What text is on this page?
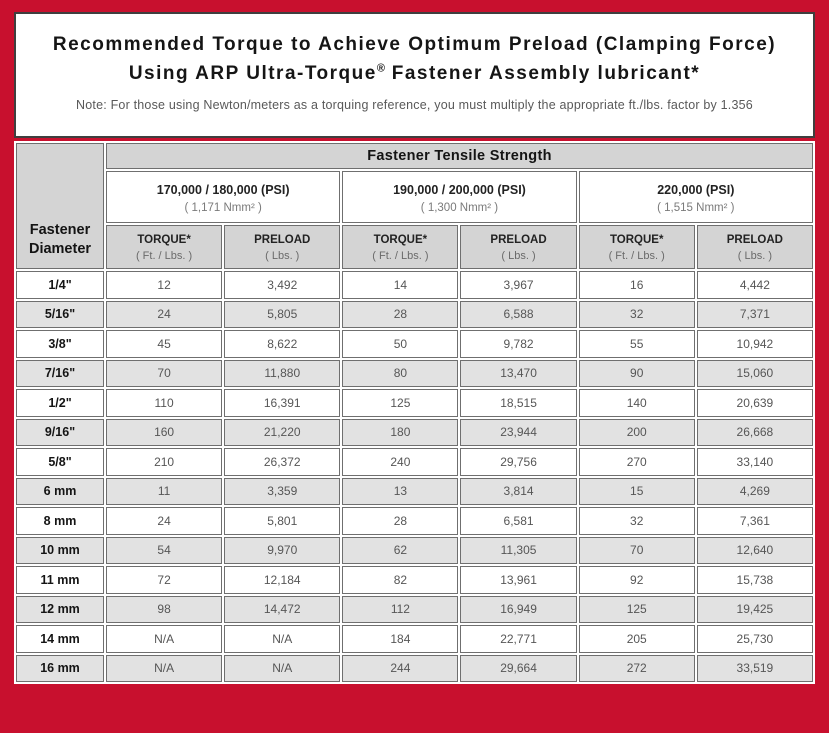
Recommended Torque to Achieve Optimum Preload (Clamping Force)
Using ARP Ultra-Torque® Fastener Assembly lubricant*

Note: For those using Newton/meters as a torquing reference, you must multiply the appropriate ft./lbs. factor by 1.356

Fastener Diameter	Fastener Tensile Strength					

170,000 / 180,000 (PSI)
( 1,171 Nmm² )

190,000 / 200,000 (PSI)
( 1,300 Nmm² )

220,000 (PSI)
( 1,515 Nmm² )

TORQUE*
( Ft. / Lbs. )

PRELOAD
( Lbs. )

TORQUE*
( Ft. / Lbs. )

PRELOAD
( Lbs. )

TORQUE*
( Ft. / Lbs. )

PRELOAD
( Lbs. )

1/4"	12	3,492	14	3,967	16	4,442
5/16"	24	5,805	28	6,588	32	7,371
3/8"	45	8,622	50	9,782	55	10,942
7/16"	70	11,880	80	13,470	90	15,060
1/2"	110	16,391	125	18,515	140	20,639
9/16"	160	21,220	180	23,944	200	26,668
5/8"	210	26,372	240	29,756	270	33,140
6 mm	11	3,359	13	3,814	15	4,269
8 mm	24	5,801	28	6,581	32	7,361
10 mm	54	9,970	62	11,305	70	12,640
11 mm	72	12,184	82	13,961	92	15,738
12 mm	98	14,472	112	16,949	125	19,425
14 mm	N/A	N/A	184	22,771	205	25,730
16 mm	N/A	N/A	244	29,664	272	33,519
